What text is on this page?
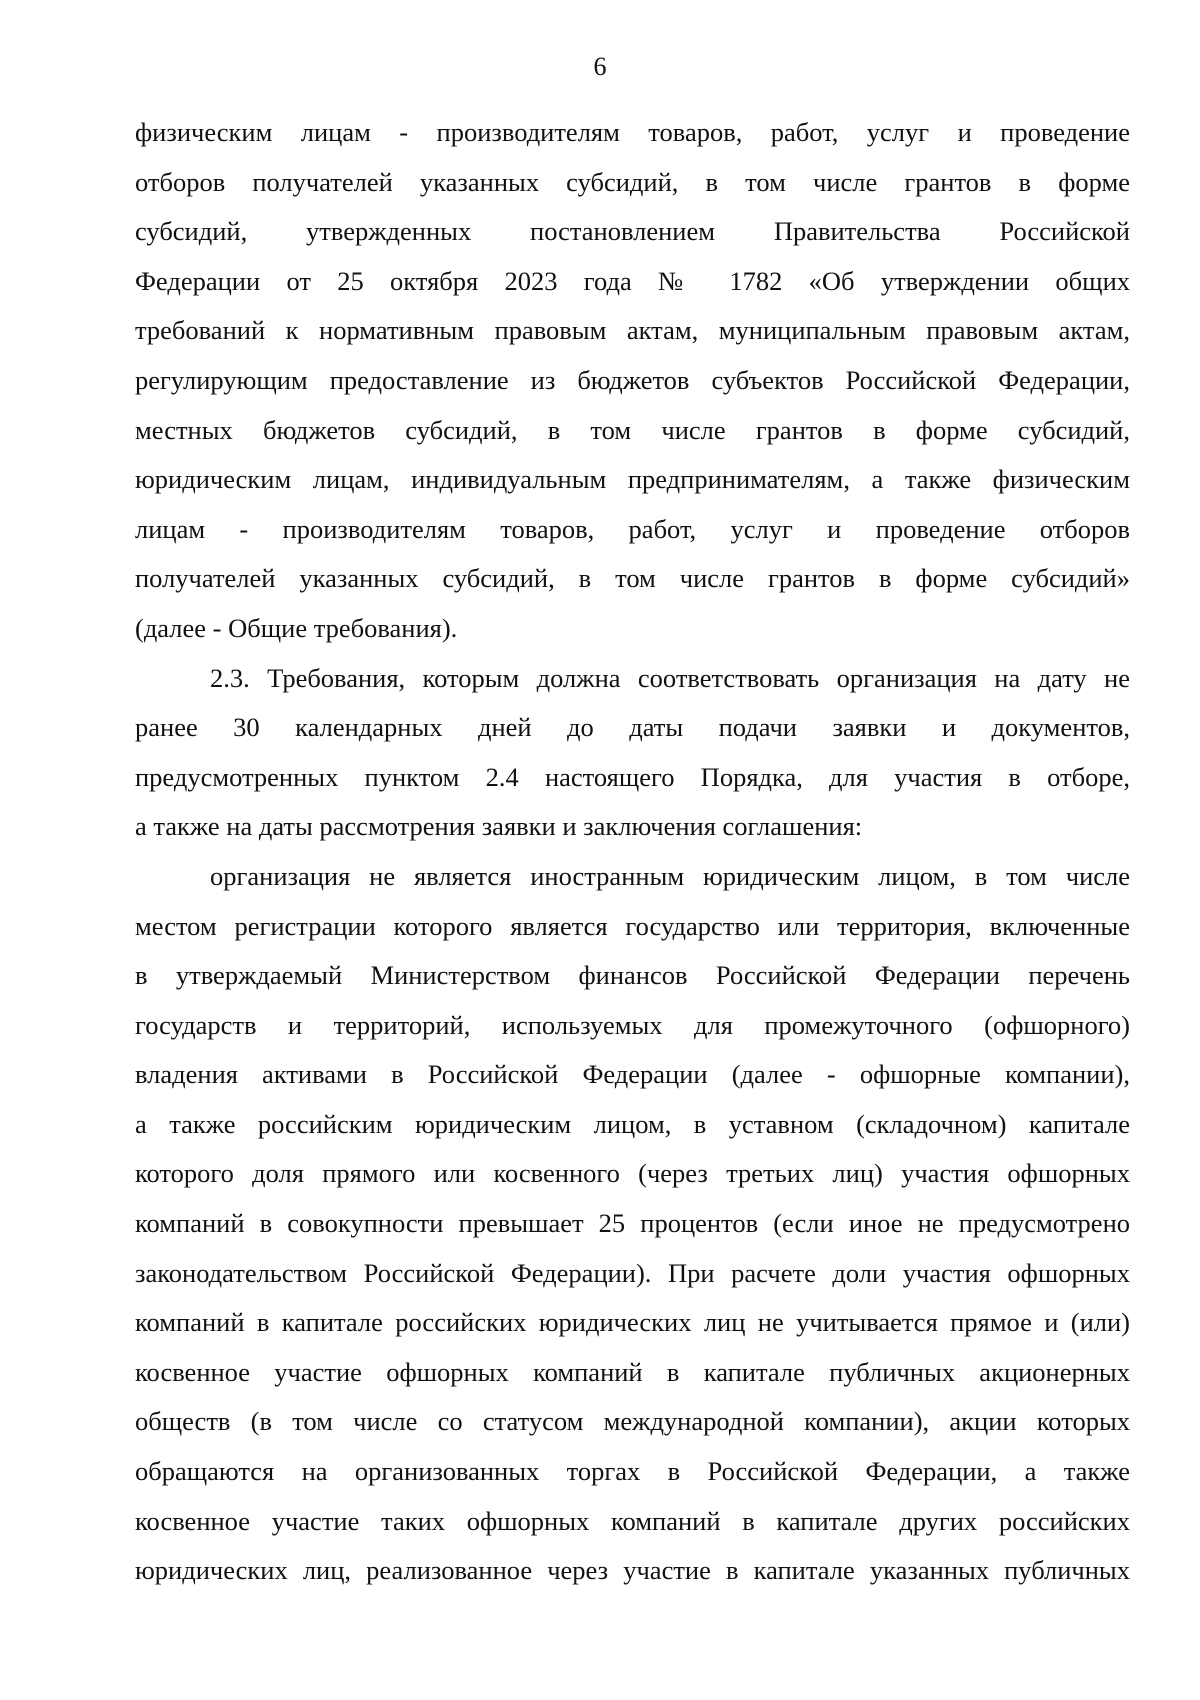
6
физическим лицам - производителям товаров, работ, услуг и проведение
отборов получателей указанных субсидий, в том числе грантов в форме
субсидий, утвержденных постановлением Правительства Российской
Федерации от 25 октября 2023 года № 1782 «Об утверждении общих
требований к нормативным правовым актам, муниципальным правовым актам,
регулирующим предоставление из бюджетов субъектов Российской Федерации,
местных бюджетов субсидий, в том числе грантов в форме субсидий,
юридическим лицам, индивидуальным предпринимателям, а также физическим
лицам - производителям товаров, работ, услуг и проведение отборов
получателей указанных субсидий, в том числе грантов в форме субсидий»
(далее - Общие требования).
2.3. Требования, которым должна соответствовать организация на дату не
ранее 30 календарных дней до даты подачи заявки и документов,
предусмотренных пунктом 2.4 настоящего Порядка, для участия в отборе,
а также на даты рассмотрения заявки и заключения соглашения:
организация не является иностранным юридическим лицом, в том числе
местом регистрации которого является государство или территория, включенные
в утверждаемый Министерством финансов Российской Федерации перечень
государств и территорий, используемых для промежуточного (офшорного)
владения активами в Российской Федерации (далее - офшорные компании),
а также российским юридическим лицом, в уставном (складочном) капитале
которого доля прямого или косвенного (через третьих лиц) участия офшорных
компаний в совокупности превышает 25 процентов (если иное не предусмотрено
законодательством Российской Федерации). При расчете доли участия офшорных
компаний в капитале российских юридических лиц не учитывается прямое и (или)
косвенное участие офшорных компаний в капитале публичных акционерных
обществ (в том числе со статусом международной компании), акции которых
обращаются на организованных торгах в Российской Федерации, а также
косвенное участие таких офшорных компаний в капитале других российских
юридических лиц, реализованное через участие в капитале указанных публичных
